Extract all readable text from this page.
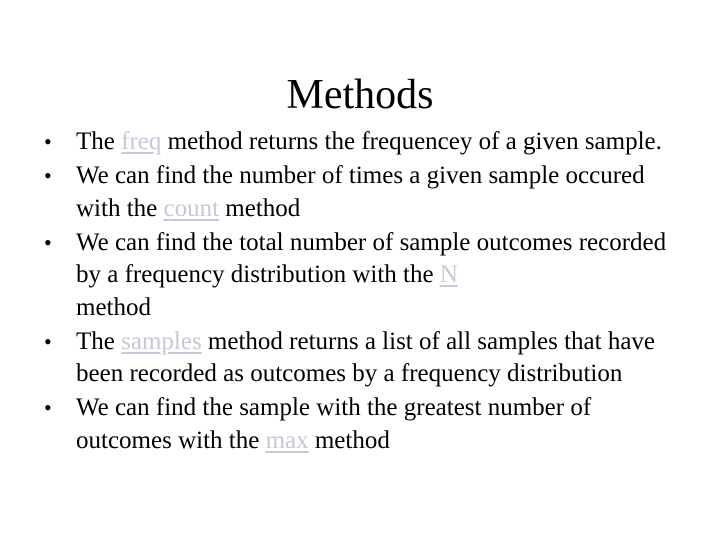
Methods
• The freq method returns the frequencey of a given sample.
• We can find the number of times a given sample occured with the count method
• We can find the total number of sample outcomes recorded by a frequency distribution with the N
method
• The samples method returns a list of all samples that have been recorded as outcomes by a frequency distribution
• We can find the sample with the greatest number of outcomes with the max method
